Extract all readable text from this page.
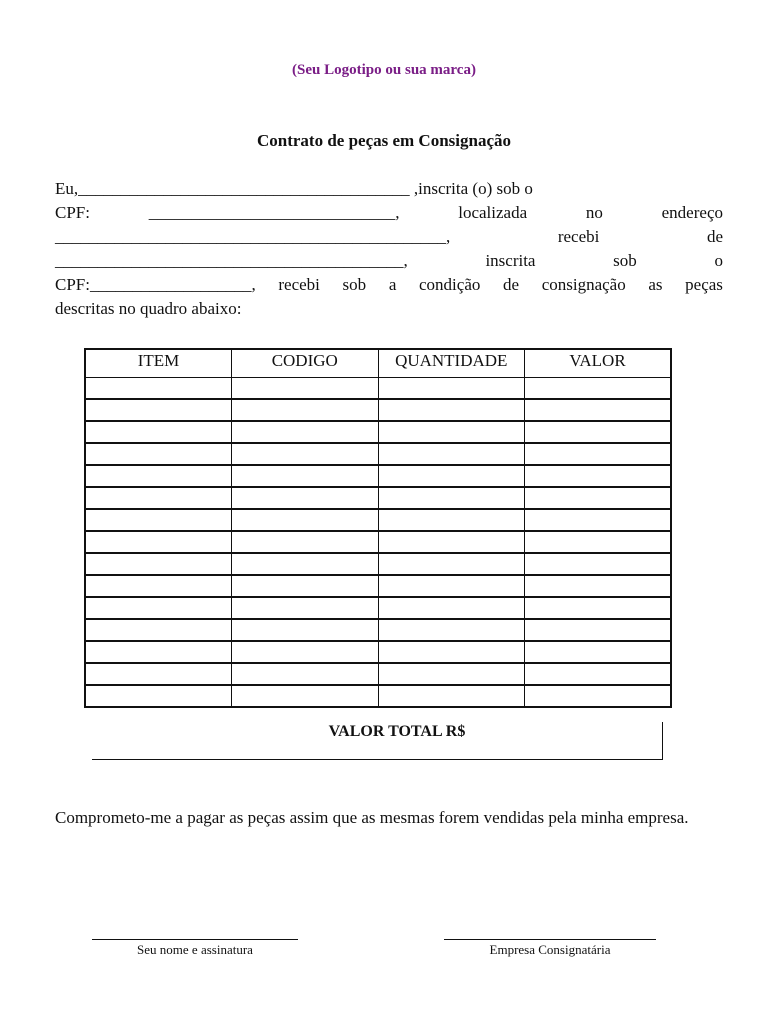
(Seu Logotipo ou sua marca)
Contrato de peças em Consignação
Eu,_______________________________________ ,inscrita (o) sob o
CPF:	_____________________________,	localizada	no	endereço
______________________________________________,	recebi	de
_________________________________________,	inscrita	sob	o
CPF:___________________, recebi sob a condição de consignação as peças
descritas no quadro abaixo:
ITEM	CODIGO	QUANTIDADE	VALOR

VALOR TOTAL R$
Comprometo-me a pagar as peças assim que as mesmas forem vendidas pela minha empresa.
Seu nome e assinatura	Empresa Consignatária
